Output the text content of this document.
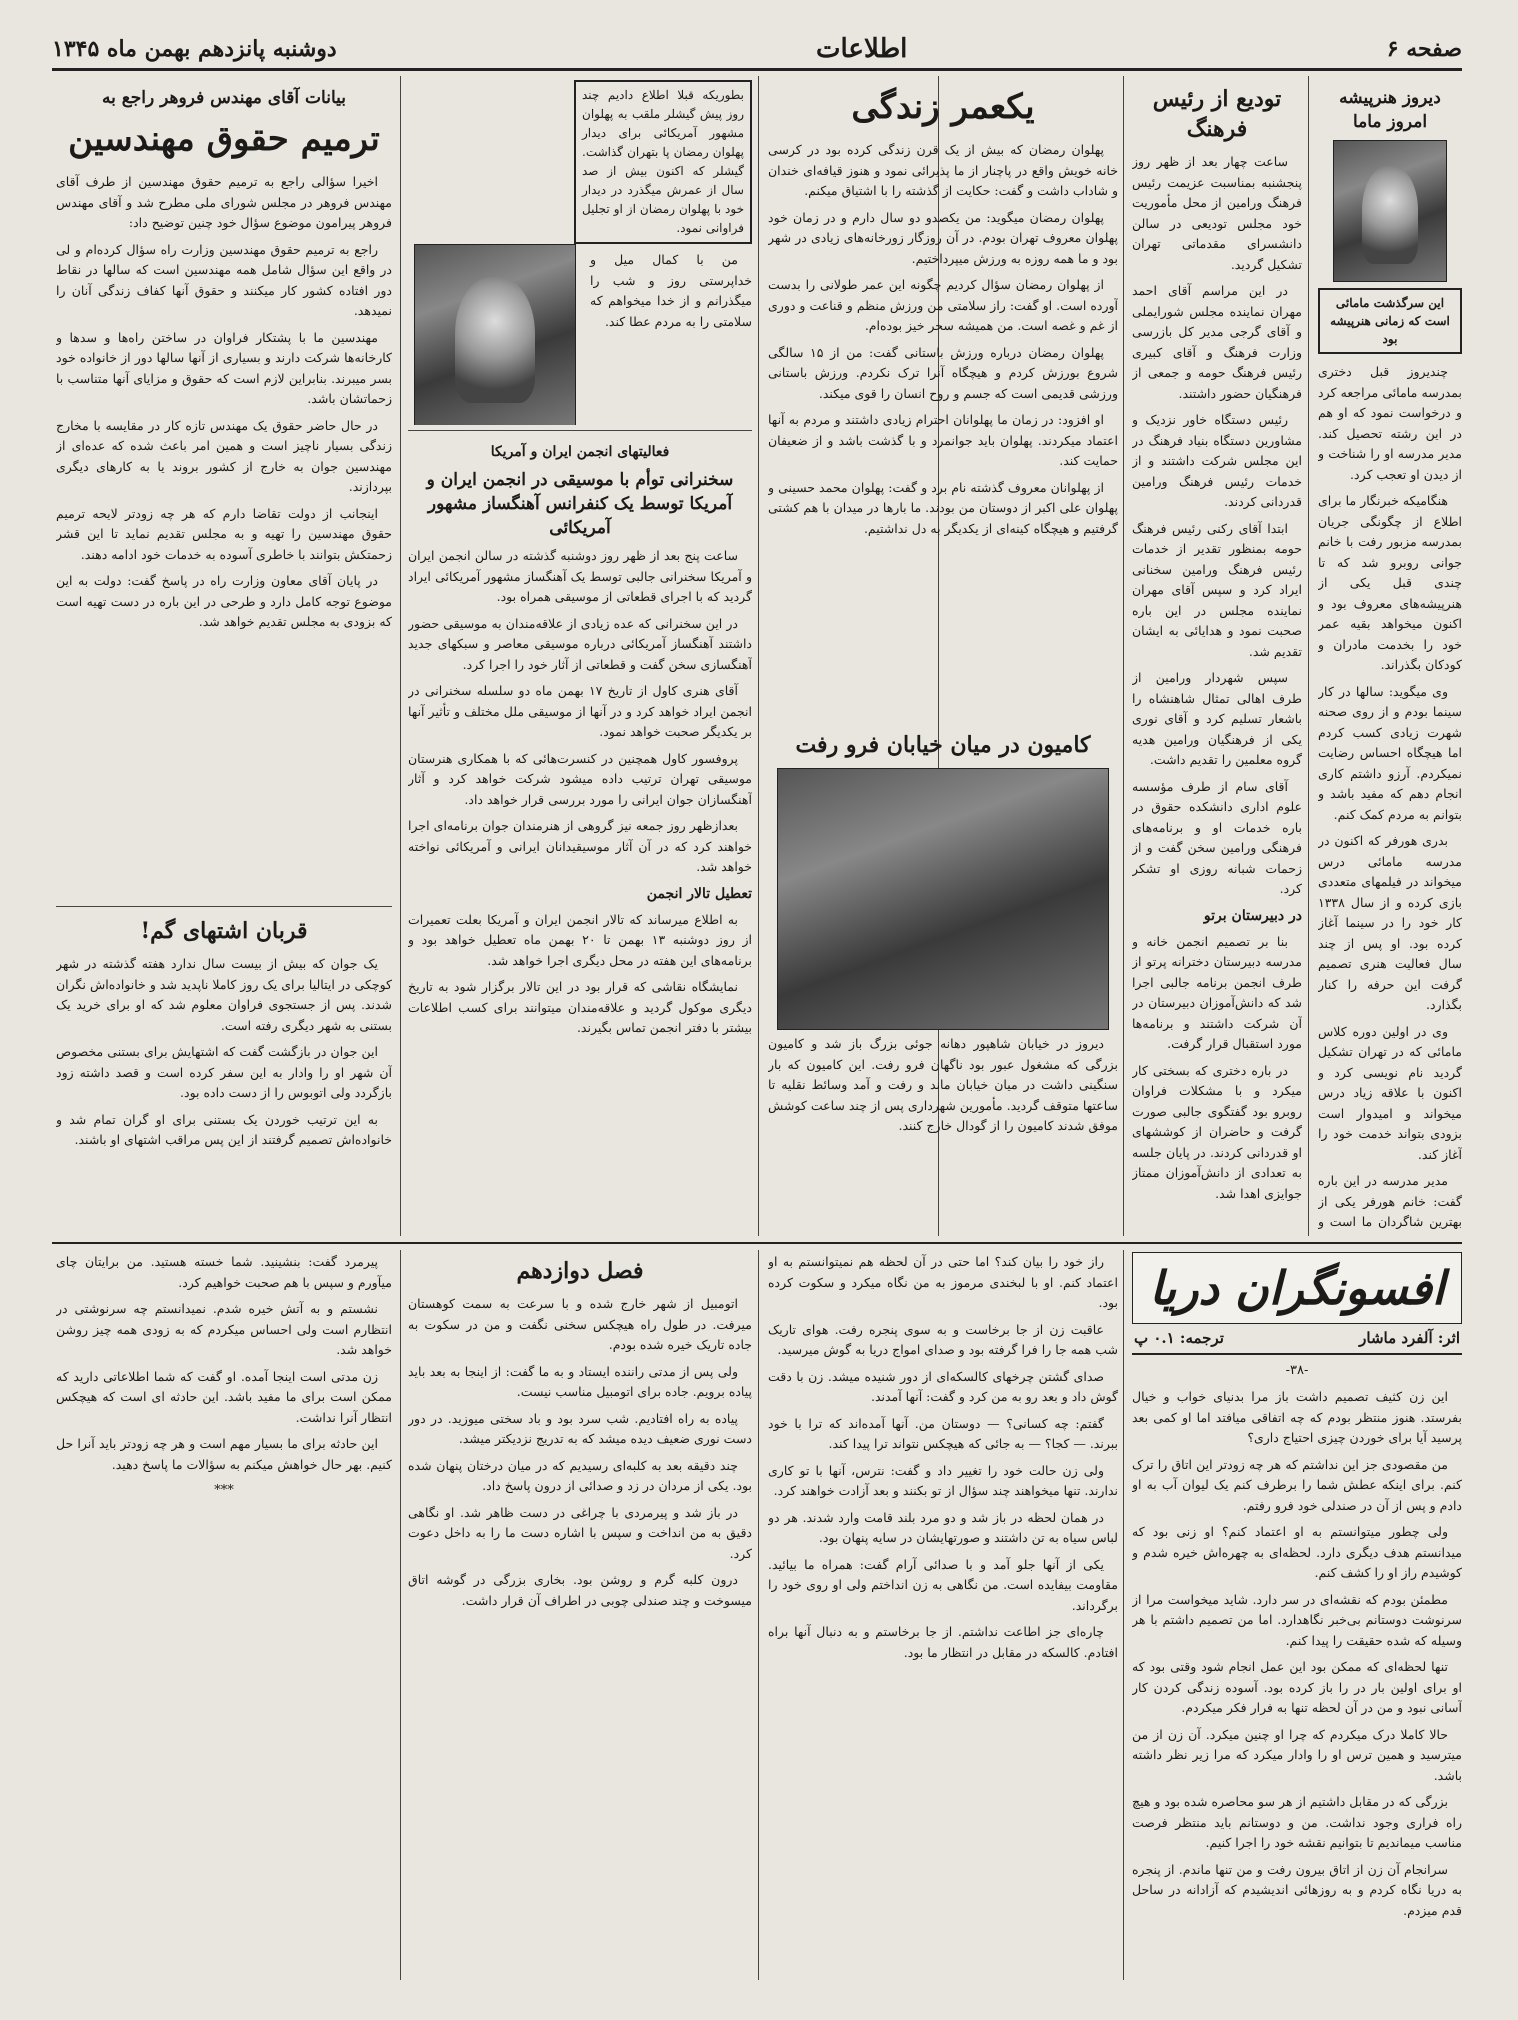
صفحه ۶
اطلاعات
دوشنبه پانزدهم بهمن ماه ۱۳۴۵
دیروز هنرپیشه امروز ماما
این سرگذشت مامائی است که زمانی هنرپیشه بود

چندیروز قبل دختری بمدرسه مامائی مراجعه کرد و درخواست نمود که او هم در این رشته تحصیل کند. مدیر مدرسه او را شناخت و از دیدن او تعجب کرد.

هنگامیکه خبرنگار ما برای اطلاع از چگونگی جریان بمدرسه مزبور رفت با خانم جوانی روبرو شد که تا چندی قبل یکی از هنرپیشه‌های معروف بود و اکنون میخواهد بقیه عمر خود را بخدمت مادران و کودکان بگذراند.

وی میگوید: سالها در کار سینما بودم و از روی صحنه شهرت زیادی کسب کردم اما هیچگاه احساس رضایت نمیکردم. آرزو داشتم کاری انجام دهم که مفید باشد و بتوانم به مردم کمک کنم.

بدری هورفر که اکنون در مدرسه مامائی درس میخواند در فیلمهای متعددی بازی کرده و از سال ۱۳۳۸ کار خود را در سینما آغاز کرده بود. او پس از چند سال فعالیت هنری تصمیم گرفت این حرفه را کنار بگذارد.

وی در اولین دوره کلاس مامائی که در تهران تشکیل گردید نام نویسی کرد و اکنون با علاقه زیاد درس میخواند و امیدوار است بزودی بتواند خدمت خود را آغاز کند.

مدیر مدرسه در این باره گفت: خانم هورفر یکی از بهترین شاگردان ما است و

تودیع از رئیس فرهنگ

ساعت چهار بعد از ظهر روز پنجشنبه بمناسبت عزیمت رئیس فرهنگ ورامین از محل مأموریت خود مجلس تودیعی در سالن دانشسرای مقدماتی تهران تشکیل گردید.

در این مراسم آقای احمد مهران نماینده مجلس شورایملی و آقای گرجی مدیر کل بازرسی وزارت فرهنگ و آقای کبیری رئیس فرهنگ حومه و جمعی از فرهنگیان حضور داشتند.

رئیس دستگاه خاور نزدیک و مشاورین دستگاه بنیاد فرهنگ در این مجلس شرکت داشتند و از خدمات رئیس فرهنگ ورامین قدردانی کردند.

ابتدا آقای رکنی رئیس فرهنگ حومه بمنظور تقدیر از خدمات رئیس فرهنگ ورامین سخنانی ایراد کرد و سپس آقای مهران نماینده مجلس در این باره صحبت نمود و هدایائی به ایشان تقدیم شد.

سپس شهردار ورامین از طرف اهالی تمثال شاهنشاه را باشعار تسلیم کرد و آقای نوری یکی از فرهنگیان ورامین هدیه گروه معلمین را تقدیم داشت.

آقای سام از طرف مؤسسه علوم اداری دانشکده حقوق در باره خدمات او و برنامه‌های فرهنگی ورامین سخن گفت و از زحمات شبانه روزی او تشکر کرد.

در دبیرستان برتو

بنا بر تصمیم انجمن خانه و مدرسه دبیرستان دخترانه پرتو از طرف انجمن برنامه جالبی اجرا شد که دانش‌آموزان دبیرستان در آن شرکت داشتند و برنامه‌ها مورد استقبال قرار گرفت.

در باره دختری که بسختی کار میکرد و با مشکلات فراوان روبرو بود گفتگوی جالبی صورت گرفت و حاضران از کوششهای او قدردانی کردند. در پایان جلسه به تعدادی از دانش‌آموزان ممتاز جوایزی اهدا شد.

یکعمر زندگی

پهلوان رمضان که بیش از یک قرن زندگی کرده بود در کرسی خانه خویش واقع در پاچنار از ما پذیرائی نمود و هنوز قیافه‌ای خندان و شاداب داشت و گفت: حکایت از گذشته را با اشتیاق میکنم.

پهلوان رمضان میگوید: من یکصدو دو سال دارم و در زمان خود پهلوان معروف تهران بودم. در آن روزگار زورخانه‌های زیادی در شهر بود و ما همه روزه به ورزش میپرداختیم.

از پهلوان رمضان سؤال کردیم چگونه این عمر طولانی را بدست آورده است. او گفت: راز سلامتی من ورزش منظم و قناعت و دوری از غم و غصه است. من همیشه سحر خیز بوده‌ام.

پهلوان رمضان درباره ورزش باستانی گفت: من از ۱۵ سالگی شروع بورزش کردم و هیچگاه آنرا ترک نکردم. ورزش باستانی ورزشی قدیمی است که جسم و روح انسان را قوی میکند.

او افزود: در زمان ما پهلوانان احترام زیادی داشتند و مردم به آنها اعتماد میکردند. پهلوان باید جوانمرد و با گذشت باشد و از ضعیفان حمایت کند.

از پهلوانان معروف گذشته نام برد و گفت: پهلوان محمد حسینی و پهلوان علی اکبر از دوستان من بودند. ما بارها در میدان با هم کشتی گرفتیم و هیچگاه کینه‌ای از یکدیگر به دل نداشتیم.

کامیون در میان خیابان فرو رفت

دیروز در خیابان شاهپور دهانه جوئی بزرگ باز شد و کامیون بزرگی که مشغول عبور بود ناگهان فرو رفت. این کامیون که بار سنگینی داشت در میان خیابان ماند و رفت و آمد وسائط نقلیه تا ساعتها متوقف گردید. مأمورین شهرداری پس از چند ساعت کوشش موفق شدند کامیون را از گودال خارج کنند.

بطوریکه قبلا اطلاع دادیم چند روز پیش گیشلر ملقب به پهلوان مشهور آمریکائی برای دیدار پهلوان رمضان پا بتهران گذاشت. گیشلر که اکنون بیش از صد سال از عمرش میگذرد در دیدار خود با پهلوان رمضان از او تجلیل فراوانی نمود.

من با کمال میل و خداپرستی روز و شب را میگذرانم و از خدا میخواهم که سلامتی را به مردم عطا کند.

فعالیتهای انجمن ایران و آمریکا
سخنرانی توأم با موسیقی در انجمن ایران و آمریکا توسط یک کنفرانس آهنگساز مشهور آمریکائی

ساعت پنج بعد از ظهر روز دوشنبه گذشته در سالن انجمن ایران و آمریکا سخنرانی جالبی توسط یک آهنگساز مشهور آمریکائی ایراد گردید که با اجرای قطعاتی از موسیقی همراه بود.

در این سخنرانی که عده زیادی از علاقه‌مندان به موسیقی حضور داشتند آهنگساز آمریکائی درباره موسیقی معاصر و سبکهای جدید آهنگسازی سخن گفت و قطعاتی از آثار خود را اجرا کرد.

آقای هنری کاول از تاریخ ۱۷ بهمن ماه دو سلسله سخنرانی در انجمن ایراد خواهد کرد و در آنها از موسیقی ملل مختلف و تأثیر آنها بر یکدیگر صحبت خواهد نمود.

پروفسور کاول همچنین در کنسرت‌هائی که با همکاری هنرستان موسیقی تهران ترتیب داده میشود شرکت خواهد کرد و آثار آهنگسازان جوان ایرانی را مورد بررسی قرار خواهد داد.

بعدازظهر روز جمعه نیز گروهی از هنرمندان جوان برنامه‌ای اجرا خواهند کرد که در آن آثار موسیقیدانان ایرانی و آمریکائی نواخته خواهد شد.

تعطیل تالار انجمن

به اطلاع میرساند که تالار انجمن ایران و آمریکا بعلت تعمیرات از روز دوشنبه ۱۳ بهمن تا ۲۰ بهمن ماه تعطیل خواهد بود و برنامه‌های این هفته در محل دیگری اجرا خواهد شد.

نمایشگاه نقاشی که قرار بود در این تالار برگزار شود به تاریخ دیگری موکول گردید و علاقه‌مندان میتوانند برای کسب اطلاعات بیشتر با دفتر انجمن تماس بگیرند.

بیانات آقای مهندس فروهر راجع به
ترمیم حقوق مهندسین

اخیرا سؤالی راجع به ترمیم حقوق مهندسین از طرف آقای مهندس فروهر در مجلس شورای ملی مطرح شد و آقای مهندس فروهر پیرامون موضوع سؤال خود چنین توضیح داد:

راجع به ترمیم حقوق مهندسین وزارت راه سؤال کرده‌ام و لی در واقع این سؤال شامل همه مهندسین است که سالها در نقاط دور افتاده کشور کار میکنند و حقوق آنها کفاف زندگی آنان را نمیدهد.

مهندسین ما با پشتکار فراوان در ساختن راه‌ها و سدها و کارخانه‌ها شرکت دارند و بسیاری از آنها سالها دور از خانواده خود بسر میبرند. بنابراین لازم است که حقوق و مزایای آنها متناسب با زحماتشان باشد.

در حال حاضر حقوق یک مهندس تازه کار در مقایسه با مخارج زندگی بسیار ناچیز است و همین امر باعث شده که عده‌ای از مهندسین جوان به خارج از کشور بروند یا به کارهای دیگری بپردازند.

اینجانب از دولت تقاضا دارم که هر چه زودتر لایحه ترمیم حقوق مهندسین را تهیه و به مجلس تقدیم نماید تا این قشر زحمتکش بتوانند با خاطری آسوده به خدمات خود ادامه دهند.

در پایان آقای معاون وزارت راه در پاسخ گفت: دولت به این موضوع توجه کامل دارد و طرحی در این باره در دست تهیه است که بزودی به مجلس تقدیم خواهد شد.

قربان اشتهای گم!

یک جوان که بیش از بیست سال ندارد هفته گذشته در شهر کوچکی در ایتالیا برای یک روز کاملا ناپدید شد و خانواده‌اش نگران شدند. پس از جستجوی فراوان معلوم شد که او برای خرید یک بستنی به شهر دیگری رفته است.

این جوان در بازگشت گفت که اشتهایش برای بستنی مخصوص آن شهر او را وادار به این سفر کرده است و قصد داشته زود بازگردد ولی اتوبوس را از دست داده بود.

به این ترتیب خوردن یک بستنی برای او گران تمام شد و خانواده‌اش تصمیم گرفتند از این پس مراقب اشتهای او باشند.

افسونگران دریا
اثر: آلفرد ماشار
ترجمه: ۰.۱ پ
-۳۸-

این زن کثیف تصمیم داشت باز مرا بدنیای خواب و خیال بفرستد. هنوز منتظر بودم که چه اتفاقی میافتد اما او کمی بعد پرسید آیا برای خوردن چیزی احتیاج داری؟

من مقصودی جز این نداشتم که هر چه زودتر این اتاق را ترک کنم. برای اینکه عطش شما را برطرف کنم یک لیوان آب به او دادم و پس از آن در صندلی خود فرو رفتم.

ولی چطور میتوانستم به او اعتماد کنم؟ او زنی بود که میدانستم هدف دیگری دارد. لحظه‌ای به چهره‌اش خیره شدم و کوشیدم راز او را کشف کنم.

مطمئن بودم که نقشه‌ای در سر دارد. شاید میخواست مرا از سرنوشت دوستانم بی‌خبر نگاهدارد. اما من تصمیم داشتم با هر وسیله که شده حقیقت را پیدا کنم.

تنها لحظه‌ای که ممکن بود این عمل انجام شود وقتی بود که او برای اولین بار در را باز کرده بود. آسوده زندگی کردن کار آسانی نبود و من در آن لحظه تنها به فرار فکر میکردم.

حالا کاملا درک میکردم که چرا او چنین میکرد. آن زن از من میترسید و همین ترس او را وادار میکرد که مرا زیر نظر داشته باشد.

بزرگی که در مقابل داشتیم از هر سو محاصره شده بود و هیچ راه فراری وجود نداشت. من و دوستانم باید منتظر فرصت مناسب میماندیم تا بتوانیم نقشه خود را اجرا کنیم.

سرانجام آن زن از اتاق بیرون رفت و من تنها ماندم. از پنجره به دریا نگاه کردم و به روزهائی اندیشیدم که آزادانه در ساحل قدم میزدم.

راز خود را بیان کند؟ اما حتی در آن لحظه هم نمیتوانستم به او اعتماد کنم. او با لبخندی مرموز به من نگاه میکرد و سکوت کرده بود.

عاقبت زن از جا برخاست و به سوی پنجره رفت. هوای تاریک شب همه جا را فرا گرفته بود و صدای امواج دریا به گوش میرسید.

صدای گشتن چرخهای کالسکه‌ای از دور شنیده میشد. زن با دقت گوش داد و بعد رو به من کرد و گفت: آنها آمدند.

گفتم: چه کسانی؟ — دوستان من. آنها آمده‌اند که ترا با خود ببرند. — کجا؟ — به جائی که هیچکس نتواند ترا پیدا کند.

ولی زن حالت خود را تغییر داد و گفت: نترس، آنها با تو کاری ندارند. تنها میخواهند چند سؤال از تو بکنند و بعد آزادت خواهند کرد.

در همان لحظه در باز شد و دو مرد بلند قامت وارد شدند. هر دو لباس سیاه به تن داشتند و صورتهایشان در سایه پنهان بود.

یکی از آنها جلو آمد و با صدائی آرام گفت: همراه ما بیائید. مقاومت بیفایده است. من نگاهی به زن انداختم ولی او روی خود را برگرداند.

چاره‌ای جز اطاعت نداشتم. از جا برخاستم و به دنبال آنها براه افتادم. کالسکه در مقابل در انتظار ما بود.

فصل دوازدهم

اتومبیل از شهر خارج شده و با سرعت به سمت کوهستان میرفت. در طول راه هیچکس سخنی نگفت و من در سکوت به جاده تاریک خیره شده بودم.

ولی پس از مدتی راننده ایستاد و به ما گفت: از اینجا به بعد باید پیاده برویم. جاده برای اتومبیل مناسب نیست.

پیاده به راه افتادیم. شب سرد بود و باد سختی میوزید. در دور دست نوری ضعیف دیده میشد که به تدریج نزدیکتر میشد.

چند دقیقه بعد به کلبه‌ای رسیدیم که در میان درختان پنهان شده بود. یکی از مردان در زد و صدائی از درون پاسخ داد.

در باز شد و پیرمردی با چراغی در دست ظاهر شد. او نگاهی دقیق به من انداخت و سپس با اشاره دست ما را به داخل دعوت کرد.

درون کلبه گرم و روشن بود. بخاری بزرگی در گوشه اتاق میسوخت و چند صندلی چوبی در اطراف آن قرار داشت.

پیرمرد گفت: بنشینید. شما خسته هستید. من برایتان چای میآورم و سپس با هم صحبت خواهیم کرد.

نشستم و به آتش خیره شدم. نمیدانستم چه سرنوشتی در انتظارم است ولی احساس میکردم که به زودی همه چیز روشن خواهد شد.

زن مدتی است اینجا آمده. او گفت که شما اطلاعاتی دارید که ممکن است برای ما مفید باشد. این حادثه ای است که هیچکس انتظار آنرا نداشت.

این حادثه برای ما بسیار مهم است و هر چه زودتر باید آنرا حل کنیم. بهر حال خواهش میکنم به سؤالات ما پاسخ دهید.

***
